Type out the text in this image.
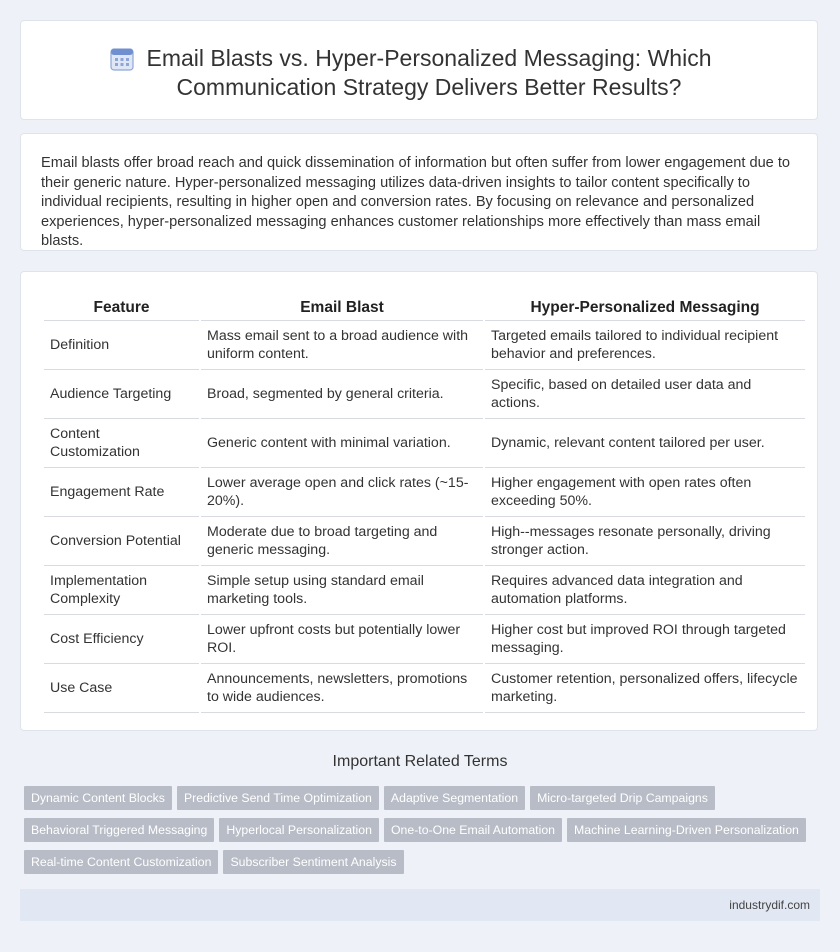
Email Blasts vs. Hyper-Personalized Messaging: Which Communication Strategy Delivers Better Results?
Email blasts offer broad reach and quick dissemination of information but often suffer from lower engagement due to their generic nature. Hyper-personalized messaging utilizes data-driven insights to tailor content specifically to individual recipients, resulting in higher open and conversion rates. By focusing on relevance and personalized experiences, hyper-personalized messaging enhances customer relationships more effectively than mass email blasts.
Feature	Email Blast	Hyper-Personalized Messaging
Definition	Mass email sent to a broad audience with uniform content.	Targeted emails tailored to individual recipient behavior and preferences.
Audience Targeting	Broad, segmented by general criteria.	Specific, based on detailed user data and actions.
Content Customization	Generic content with minimal variation.	Dynamic, relevant content tailored per user.
Engagement Rate	Lower average open and click rates (~15-20%).	Higher engagement with open rates often exceeding 50%.
Conversion Potential	Moderate due to broad targeting and generic messaging.	High--messages resonate personally, driving stronger action.
Implementation Complexity	Simple setup using standard email marketing tools.	Requires advanced data integration and automation platforms.
Cost Efficiency	Lower upfront costs but potentially lower ROI.	Higher cost but improved ROI through targeted messaging.
Use Case	Announcements, newsletters, promotions to wide audiences.	Customer retention, personalized offers, lifecycle marketing.
Important Related Terms
Dynamic Content Blocks Predictive Send Time Optimization Adaptive Segmentation Micro-targeted Drip Campaigns
Behavioral Triggered Messaging Hyperlocal Personalization One-to-One Email Automation Machine Learning-Driven Personalization
Real-time Content Customization Subscriber Sentiment Analysis
industrydif.com
